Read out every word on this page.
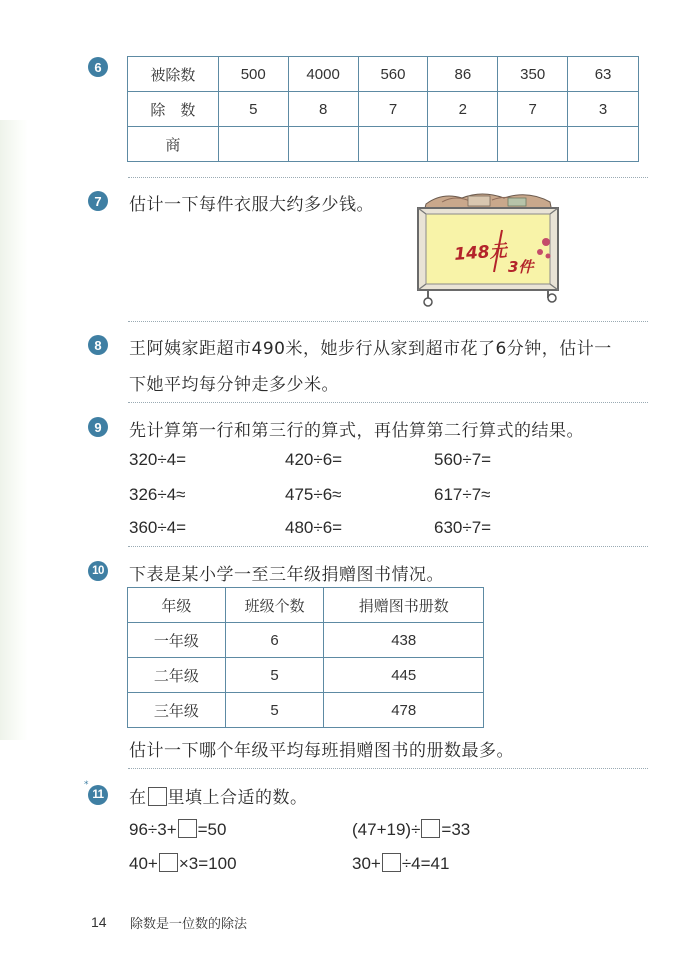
6	被除数	500	4000	560	86	350	63
除　数	5	8	7	2	7	3
商						
7 估计一下每件衣服大约多少钱。
148元
3件
8 王阿姨家距超市490米，她步行从家到超市花了6分钟，估计一
下她平均每分钟走多少米。
9 先计算第一行和第三行的算式，再估算第二行算式的结果。
320÷4=	420÷6=	560÷7=
326÷4≈	475÷6≈	617÷7≈
360÷4=	480÷6=	630÷7=
10 下表是某小学一至三年级捐赠图书情况。
年级	班级个数	捐赠图书册数
一年级	6	438
二年级	5	445
三年级	5	478
估计一下哪个年级平均每班捐赠图书的册数最多。
*
11 在 里填上合适的数。
96÷3+ =50	(47+19)÷ =33
40+ ×3=100	30+ ÷4=41
14 除数是一位数的除法
